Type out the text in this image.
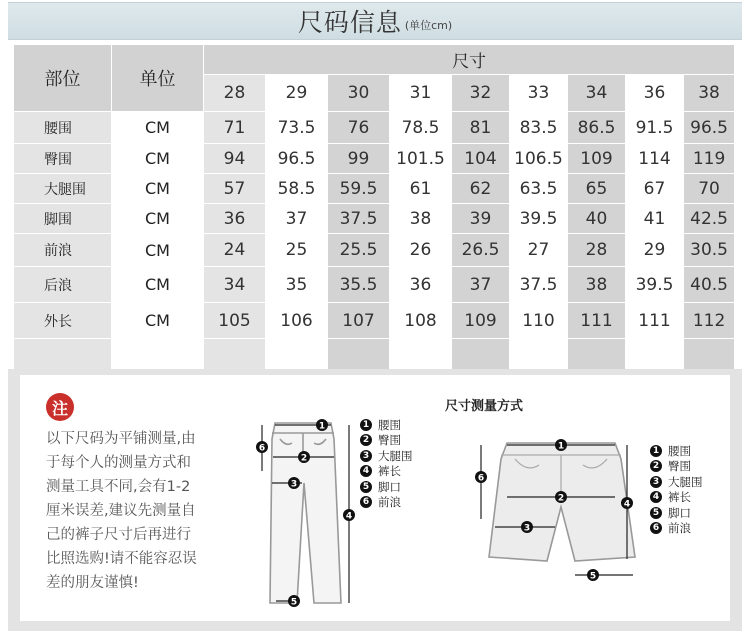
尺码信息 (单位cm)
部位	单位	尺寸								
		28	29	30	31	32	33	34	36	38
腰围	CM	71	73.5	76	78.5	81	83.5	86.5	91.5	96.5
臀围	CM	94	96.5	99	101.5	104	106.5	109	114	119
大腿围	CM	57	58.5	59.5	61	62	63.5	65	67	70
脚围	CM	36	37	37.5	38	39	39.5	40	41	42.5
前浪	CM	24	25	25.5	26	26.5	27	28	29	30.5
后浪	CM	34	35	35.5	36	37	37.5	38	39.5	40.5
外长	CM	105	106	107	108	109	110	111	111	112

注
以下尺码为平铺测量,由
于每个人的测量方式和
测量工具不同,会有1-2
厘米误差,建议先测量自
己的裤子尺寸后再进行
比照选购!请不能容忍误
差的朋友谨慎!
尺寸测量方式
1
2
3
4
5
6
1 腰围
2 臀围
3 大腿围
4 裤长
5 脚口
6 前浪
1
2
3
4
5
6
1 腰围
2 臀围
3 大腿围
4 裤长
5 脚口
6 前浪
